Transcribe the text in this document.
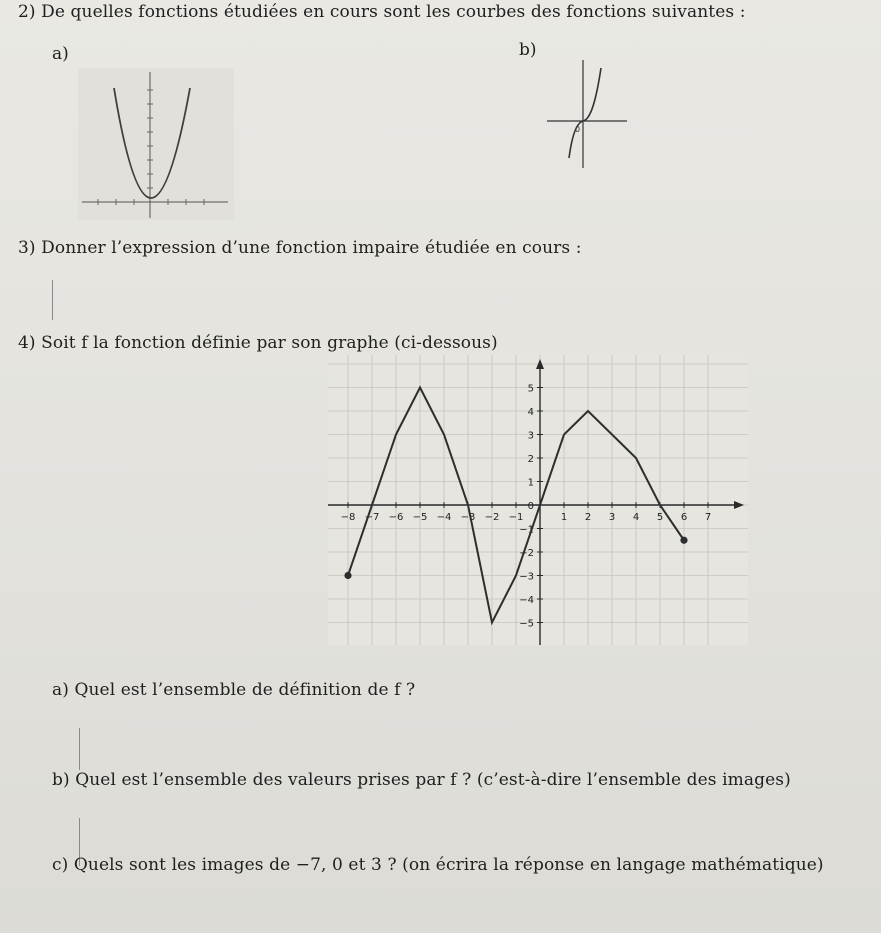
2) De quelles fonctions étudiées en cours sont les courbes des fonctions suivantes :
a)	b)
0
3) Donner l’expression d’une fonction impaire étudiée en cours :
4) Soit f la fonction définie par son graphe (ci-dessous)
−8 −7 −6 −5 −4 −3 −2 −1	1 2 3 4 5 6 7
5
4
3
2
1
0
−1
−2
−3
−4
−5
a) Quel est l’ensemble de définition de f ?
b) Quel est l’ensemble des valeurs prises par f ? (c’est-à-dire l’ensemble des images)
c) Quels sont les images de −7, 0 et 3 ? (on écrira la réponse en langage mathématique)
